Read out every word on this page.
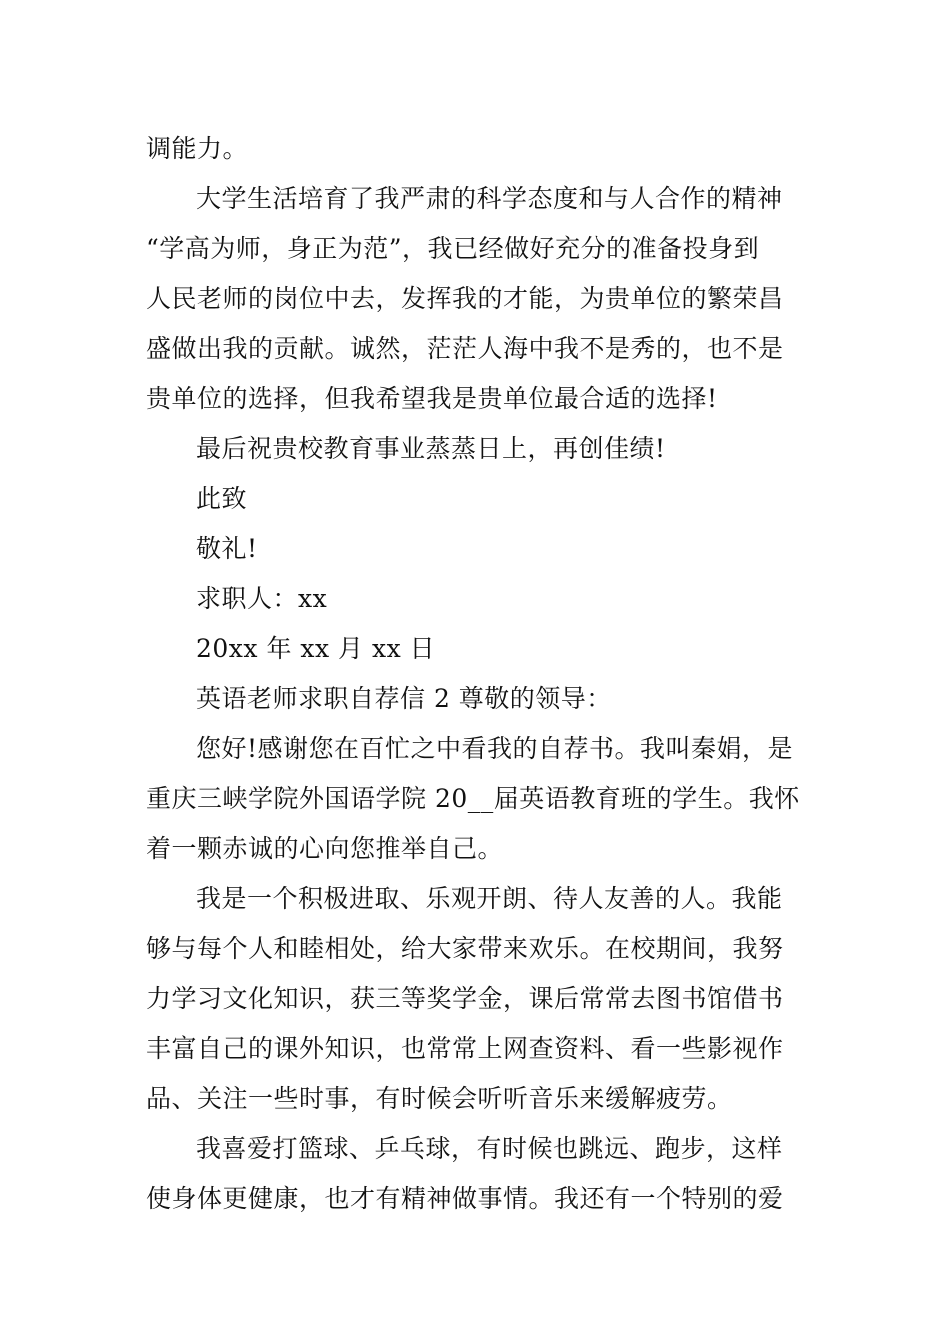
调能力。
大学生活培育了我严肃的科学态度和与人合作的精神
“学高为师，身正为范”，我已经做好充分的准备投身到
人民老师的岗位中去，发挥我的才能，为贵单位的繁荣昌
盛做出我的贡献。诚然，茫茫人海中我不是秀的，也不是
贵单位的选择，但我希望我是贵单位最合适的选择!
最后祝贵校教育事业蒸蒸日上，再创佳绩!
此致
敬礼!
求职人：xx
20xx 年 xx 月 xx 日
英语老师求职自荐信 2 尊敬的领导：
您好!感谢您在百忙之中看我的自荐书。我叫秦娟，是
重庆三峡学院外国语学院 20__届英语教育班的学生。我怀
着一颗赤诚的心向您推举自己。
我是一个积极进取、乐观开朗、待人友善的人。我能
够与每个人和睦相处，给大家带来欢乐。在校期间，我努
力学习文化知识，获三等奖学金，课后常常去图书馆借书
丰富自己的课外知识，也常常上网查资料、看一些影视作
品、关注一些时事，有时候会听听音乐来缓解疲劳。
我喜爱打篮球、乒乓球，有时候也跳远、跑步，这样
使身体更健康，也才有精神做事情。我还有一个特别的爱
